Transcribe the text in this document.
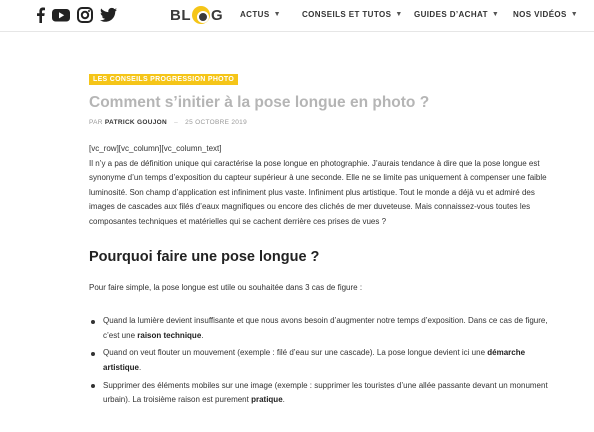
BL G ACTUS ▼	CONSEILS ET TUTOS ▼ GUIDES D’ACHAT ▼ NOS VIDÉOS ▼
LES CONSEILS PROGRESSION PHOTO
Comment s’initier à la pose longue en photo ?
PAR PATRICK GOUJON – 25 OCTOBRE 2019

[vc_row][vc_column][vc_column_text]

Il n’y a pas de définition unique qui caractérise la pose longue en photographie. J’aurais tendance à dire que la pose longue est synonyme d’un temps d’exposition du capteur supérieur à une seconde. Elle ne se limite pas uniquement à compenser une faible luminosité. Son champ d’application est infiniment plus vaste. Infiniment plus artistique. Tout le monde a déjà vu et admiré des images de cascades aux filés d’eaux magnifiques ou encore des clichés de mer duveteuse. Mais connaissez-vous toutes les composantes techniques et matérielles qui se cachent derrière ces prises de vues ?

Pourquoi faire une pose longue ?

Pour faire simple, la pose longue est utile ou souhaitée dans 3 cas de figure :

Quand la lumière devient insuffisante et que nous avons besoin d’augmenter notre temps d’exposition. Dans ce cas de figure, c’est une raison technique.
Quand on veut flouter un mouvement (exemple : filé d’eau sur une cascade). La pose longue devient ici une démarche artistique.
Supprimer des éléments mobiles sur une image (exemple : supprimer les touristes d’une allée passante devant un monument urbain). La troisième raison est purement pratique.
